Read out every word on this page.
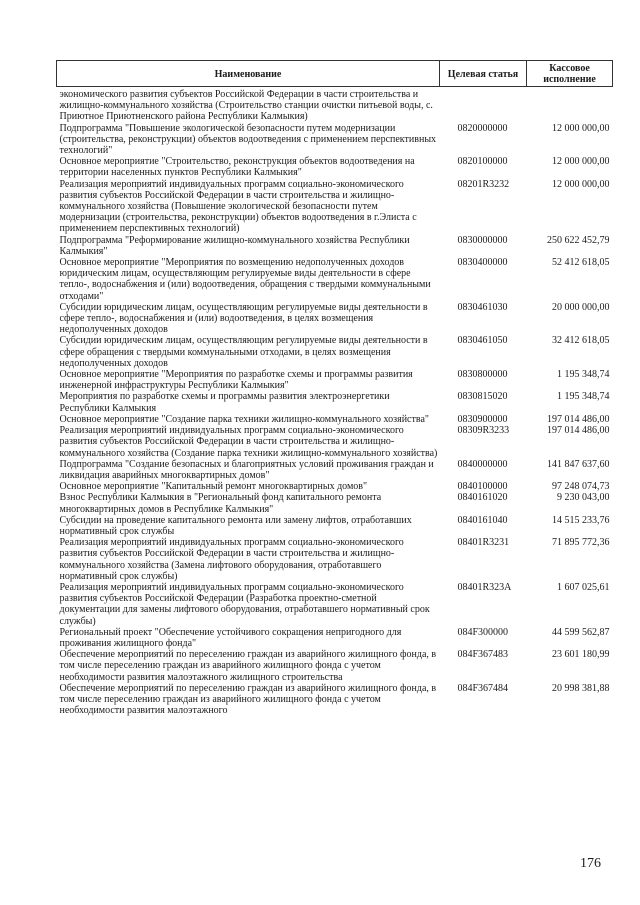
Наименование	Целевая статья	Кассовое исполнение
экономического развития субъектов Российской Федерации в части строительства и жилищно-коммунального хозяйства (Строительство станции очистки питьевой воды, с. Приютное Приютненского района Республики Калмыкия)		
Подпрограмма "Повышение экологической безопасности путем модернизации (строительства, реконструкции) объектов водоотведения с применением перспективных технологий"	0820000000	12 000 000,00
Основное мероприятие "Строительство, реконструкция объектов водоотведения на территории населенных пунктов Республики Калмыкия"	0820100000	12 000 000,00
Реализация мероприятий индивидуальных программ социально-экономического развития субъектов Российской Федерации в части строительства и жилищно-коммунального хозяйства (Повышение экологической безопасности путем модернизации (строительства, реконструкции) объектов водоотведения в г.Элиста с применением перспективных технологий)	08201R3232	12 000 000,00
Подпрограмма "Реформирование жилищно-коммунального хозяйства Республики Калмыкия"	0830000000	250 622 452,79
Основное мероприятие "Мероприятия по возмещению недополученных доходов юридическим лицам, осуществляющим регулируемые виды деятельности в сфере тепло-, водоснабжения и (или) водоотведения, обращения с твердыми коммунальными отходами"	0830400000	52 412 618,05
Субсидии юридическим лицам, осуществляющим регулируемые виды деятельности в сфере тепло-, водоснабжения и (или) водоотведения, в целях возмещения недополученных доходов	0830461030	20 000 000,00
Субсидии юридическим лицам, осуществляющим регулируемые виды деятельности в сфере обращения с твердыми коммунальными отходами, в целях возмещения недополученных доходов	0830461050	32 412 618,05
Основное мероприятие "Мероприятия по разработке схемы и программы развития инженерной инфраструктуры Республики Калмыкия"	0830800000	1 195 348,74
Мероприятия по разработке схемы и программы развития электроэнергетики Республики Калмыкия	0830815020	1 195 348,74
Основное мероприятие "Создание парка техники жилищно-коммунального хозяйства"	0830900000	197 014 486,00
Реализация мероприятий индивидуальных программ социально-экономического развития субъектов Российской Федерации в части строительства и жилищно-коммунального хозяйства (Создание парка техники жилищно-коммунального хозяйства)	08309R3233	197 014 486,00
Подпрограмма "Создание безопасных и благоприятных условий проживания граждан и ликвидация аварийных многоквартирных домов"	0840000000	141 847 637,60
Основное мероприятие "Капитальный ремонт многоквартирных домов"	0840100000	97 248 074,73
Взнос Республики Калмыкия в "Региональный фонд капитального ремонта многоквартирных домов в Республике Калмыкия"	0840161020	9 230 043,00
Субсидии на проведение капитального ремонта или замену лифтов, отработавших нормативный срок службы	0840161040	14 515 233,76
Реализация мероприятий индивидуальных программ социально-экономического развития субъектов Российской Федерации в части строительства и жилищно-коммунального хозяйства (Замена лифтового оборудования, отработавшего нормативный срок службы)	08401R3231	71 895 772,36
Реализация мероприятий индивидуальных программ социально-экономического развития субъектов Российской Федерации (Разработка проектно-сметной документации для замены лифтового оборудования, отработавшего нормативный срок службы)	08401R323A	1 607 025,61
Региональный проект "Обеспечение устойчивого сокращения непригодного для проживания жилищного фонда"	084F300000	44 599 562,87
Обеспечение мероприятий по переселению граждан из аварийного жилищного фонда, в том числе переселению граждан из аварийного жилищного фонда с учетом необходимости развития малоэтажного жилищного строительства	084F367483	23 601 180,99
Обеспечение мероприятий по переселению граждан из аварийного жилищного фонда, в том числе переселению граждан из аварийного жилищного фонда с учетом необходимости развития малоэтажного	084F367484	20 998 381,88
176
